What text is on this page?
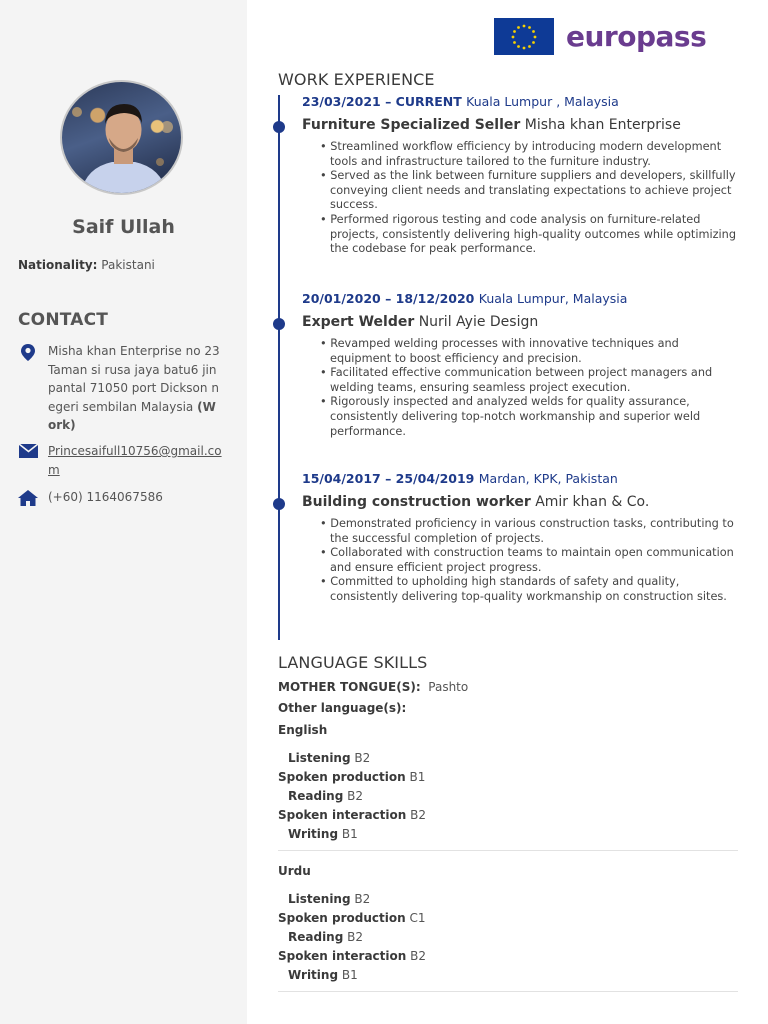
Saif Ullah
Nationality: Pakistani
CONTACT
Misha khan Enterprise no 23 Taman si rusa jaya batu6 jin pantal 71050 port Dickson negeri sembilan Malaysia (Work)
Princesaifull10756@gmail.com
(+60) 1164067586
europass
WORK EXPERIENCE
23/03/2021 – CURRENT Kuala Lumpur , Malaysia
Furniture Specialized Seller Misha khan Enterprise
• Streamlined workflow efficiency by introducing modern development tools and infrastructure tailored to the furniture industry.
• Served as the link between furniture suppliers and developers, skillfully conveying client needs and translating expectations to achieve project success.
• Performed rigorous testing and code analysis on furniture-related projects, consistently delivering high-quality outcomes while optimizing the codebase for peak performance.
20/01/2020 – 18/12/2020 Kuala Lumpur, Malaysia
Expert Welder Nuril Ayie Design
• Revamped welding processes with innovative techniques and equipment to boost efficiency and precision.
• Facilitated effective communication between project managers and welding teams, ensuring seamless project execution.
• Rigorously inspected and analyzed welds for quality assurance, consistently delivering top-notch workmanship and superior weld performance.
15/04/2017 – 25/04/2019 Mardan, KPK, Pakistan
Building construction worker Amir khan & Co.
• Demonstrated proficiency in various construction tasks, contributing to the successful completion of projects.
• Collaborated with construction teams to maintain open communication and ensure efficient project progress.
• Committed to upholding high standards of safety and quality, consistently delivering top-quality workmanship on construction sites.
LANGUAGE SKILLS
MOTHER TONGUE(S): Pashto
Other language(s):
English
Listening B2
Spoken production B1
Reading B2
Spoken interaction B2
Writing B1
Urdu
Listening B2
Spoken production C1
Reading B2
Spoken interaction B2
Writing B1
